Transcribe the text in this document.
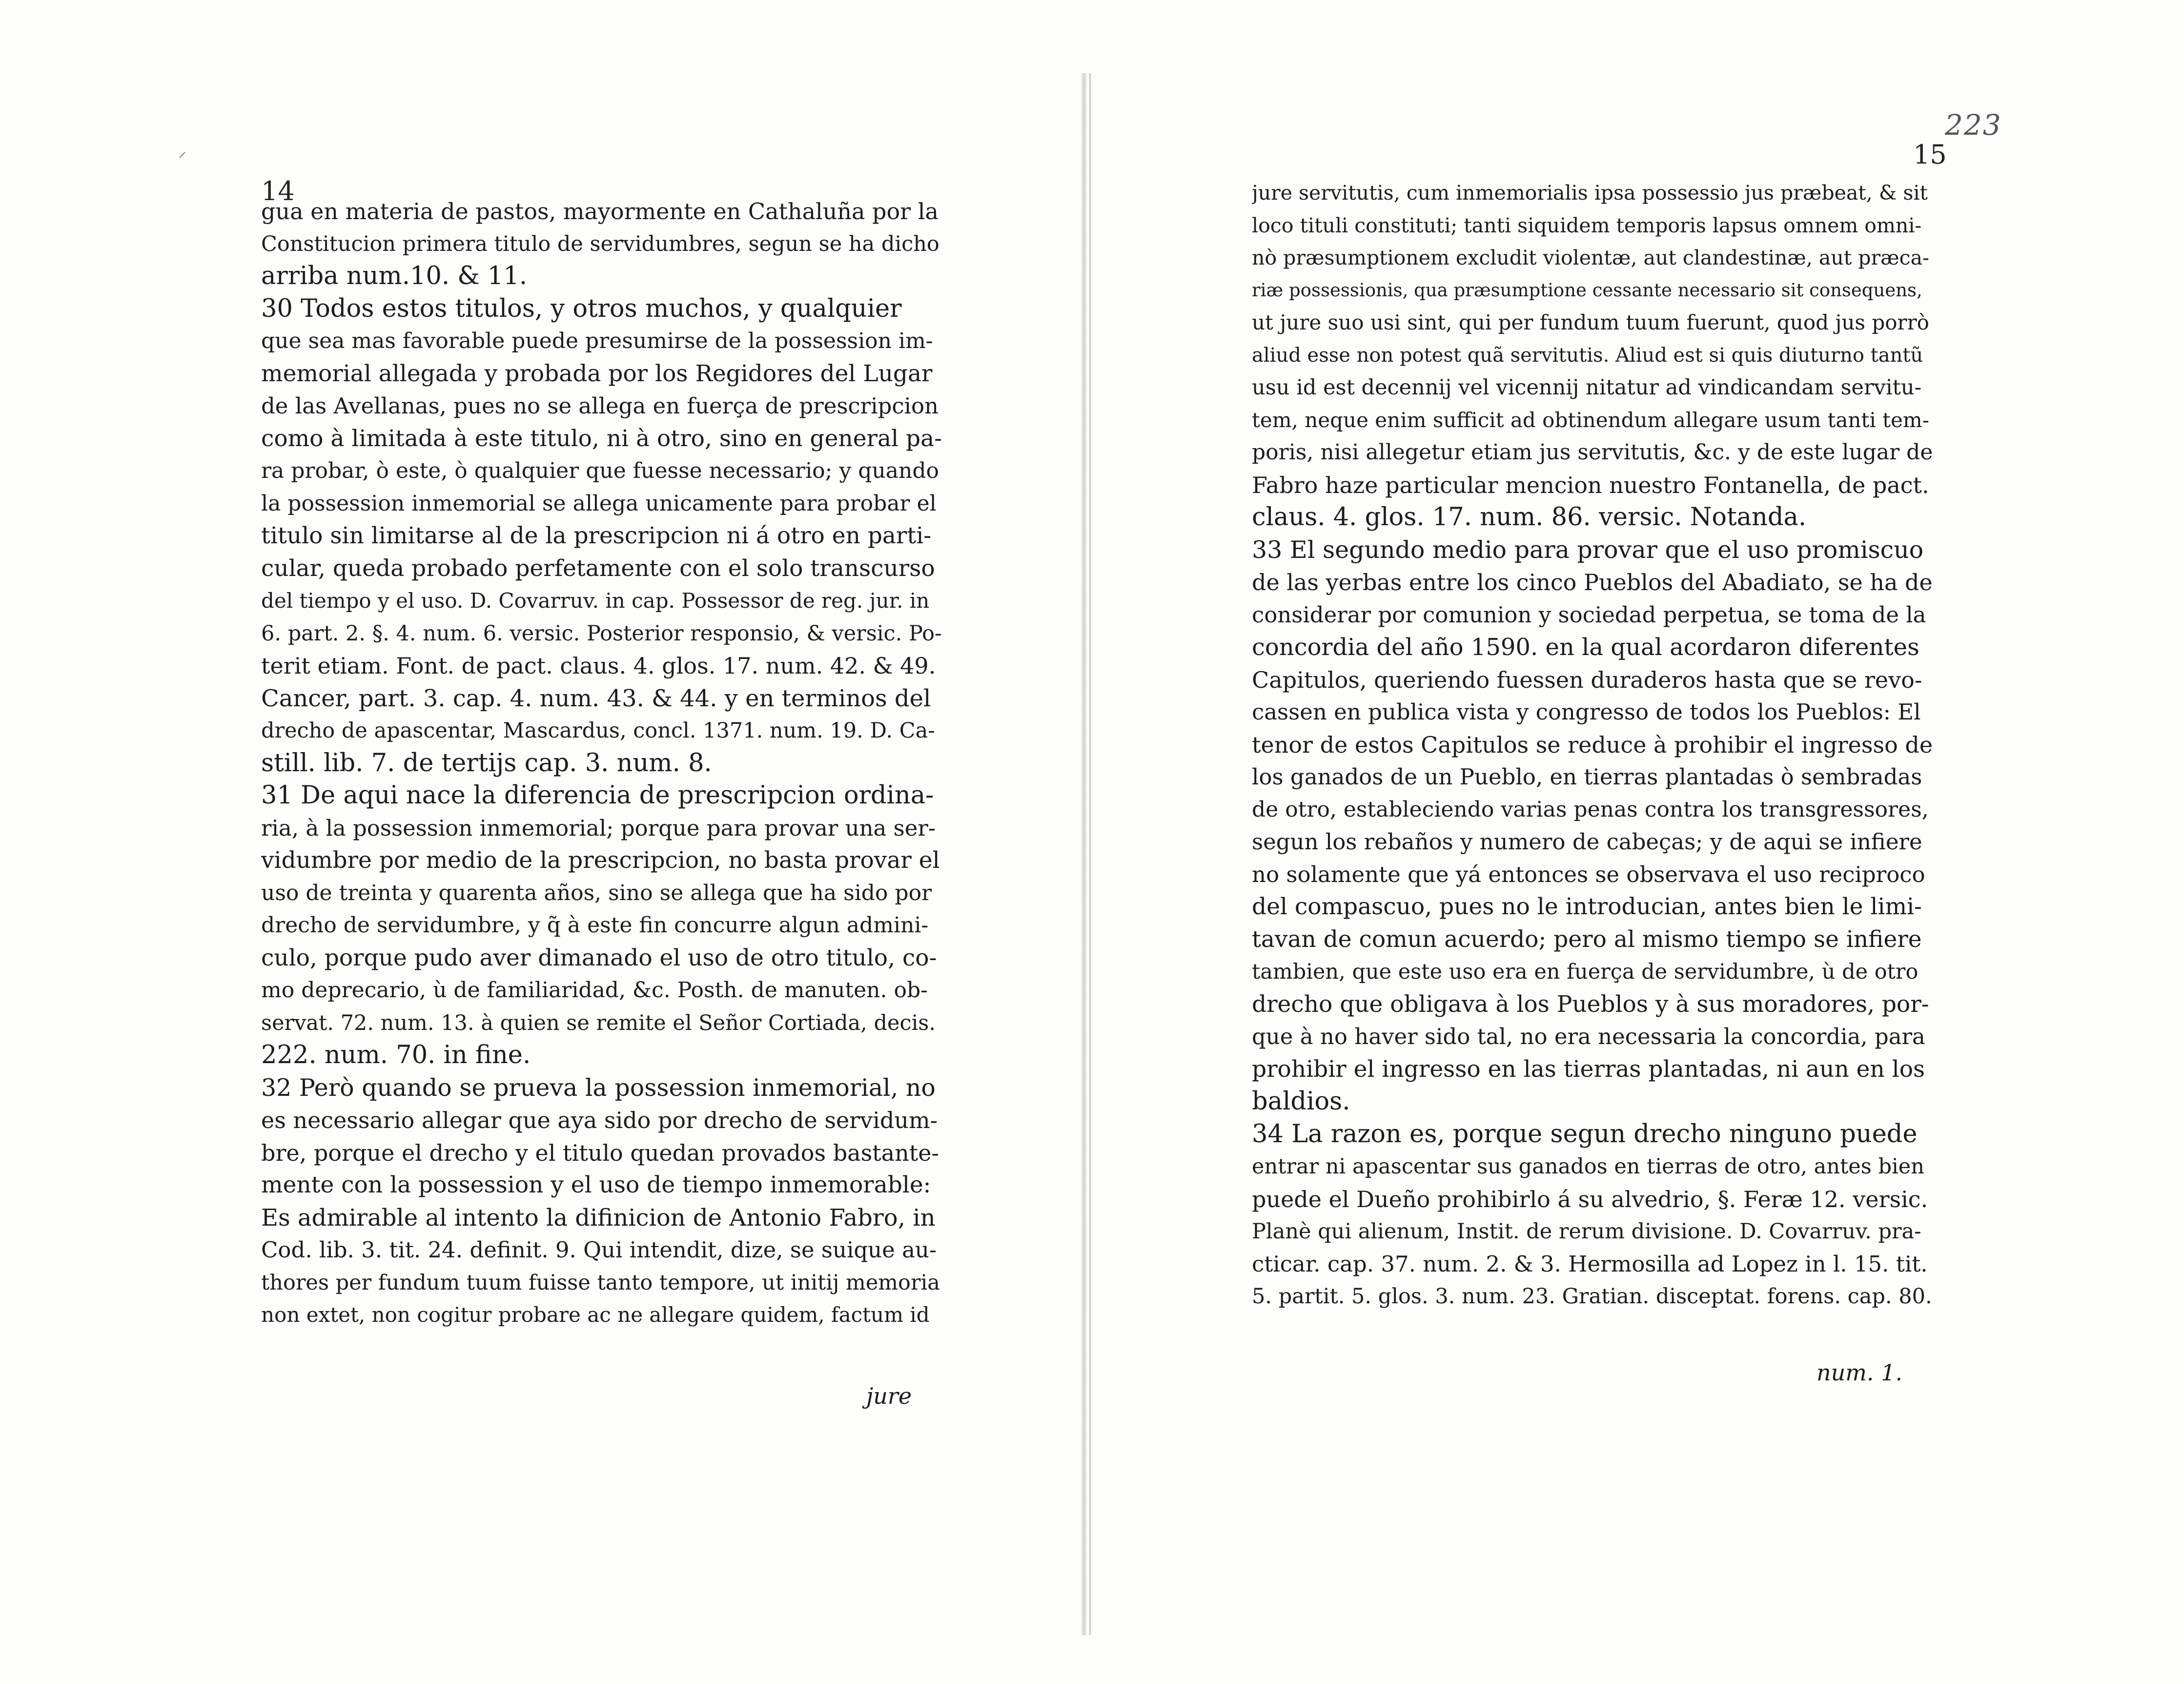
⸝
14
gua en materia de pastos, mayormente en Cathaluña por la
Constitucion primera titulo de servidumbres, segun se ha dicho
arriba num.10. & 11.
30 Todos estos titulos, y otros muchos, y qualquier
que sea mas favorable puede presumirse de la possession im-
memorial allegada y probada por los Regidores del Lugar
de las Avellanas, pues no se allega en fuerça de prescripcion
como à limitada à este titulo, ni à otro, sino en general pa-
ra probar, ò este, ò qualquier que fuesse necessario; y quando
la possession inmemorial se allega unicamente para probar el
titulo sin limitarse al de la prescripcion ni á otro en parti-
cular, queda probado perfetamente con el solo transcurso
del tiempo y el uso. D. Covarruv. in cap. Possessor de reg. jur. in
6. part. 2. §. 4. num. 6. versic. Posterior responsio, & versic. Po-
terit etiam. Font. de pact. claus. 4. glos. 17. num. 42. & 49.
Cancer, part. 3. cap. 4. num. 43. & 44. y en terminos del
drecho de apascentar, Mascardus, concl. 1371. num. 19. D. Ca-
still. lib. 7. de tertijs cap. 3. num. 8.
31 De aqui nace la diferencia de prescripcion ordina-
ria, à la possession inmemorial; porque para provar una ser-
vidumbre por medio de la prescripcion, no basta provar el
uso de treinta y quarenta años, sino se allega que ha sido por
drecho de servidumbre, y q̃ à este fin concurre algun admini-
culo, porque pudo aver dimanado el uso de otro titulo, co-
mo deprecario, ù de familiaridad, &c. Posth. de manuten. ob-
servat. 72. num. 13. à quien se remite el Señor Cortiada, decis.
222. num. 70. in fine.
32 Però quando se prueva la possession inmemorial, no
es necessario allegar que aya sido por drecho de servidum-
bre, porque el drecho y el titulo quedan provados bastante-
mente con la possession y el uso de tiempo inmemorable:
Es admirable al intento la difinicion de Antonio Fabro, in
Cod. lib. 3. tit. 24. definit. 9. Qui intendit, dize, se suique au-
thores per fundum tuum fuisse tanto tempore, ut initij memoria
non extet, non cogitur probare ac ne allegare quidem, factum id
jure
223
15
jure servitutis, cum inmemorialis ipsa possessio jus præbeat, & sit
loco tituli constituti; tanti siquidem temporis lapsus omnem omni-
nò præsumptionem excludit violentæ, aut clandestinæ, aut præca-
riæ possessionis, qua præsumptione cessante necessario sit consequens,
ut jure suo usi sint, qui per fundum tuum fuerunt, quod jus porrò
aliud esse non potest quã servitutis. Aliud est si quis diuturno tantũ
usu id est decennij vel vicennij nitatur ad vindicandam servitu-
tem, neque enim sufficit ad obtinendum allegare usum tanti tem-
poris, nisi allegetur etiam jus servitutis, &c. y de este lugar de
Fabro haze particular mencion nuestro Fontanella, de pact.
claus. 4. glos. 17. num. 86. versic. Notanda.
33 El segundo medio para provar que el uso promiscuo
de las yerbas entre los cinco Pueblos del Abadiato, se ha de
considerar por comunion y sociedad perpetua, se toma de la
concordia del año 1590. en la qual acordaron diferentes
Capitulos, queriendo fuessen duraderos hasta que se revo-
cassen en publica vista y congresso de todos los Pueblos: El
tenor de estos Capitulos se reduce à prohibir el ingresso de
los ganados de un Pueblo, en tierras plantadas ò sembradas
de otro, estableciendo varias penas contra los transgressores,
segun los rebaños y numero de cabeças; y de aqui se infiere
no solamente que yá entonces se observava el uso reciproco
del compascuo, pues no le introducian, antes bien le limi-
tavan de comun acuerdo; pero al mismo tiempo se infiere
tambien, que este uso era en fuerça de servidumbre, ù de otro
drecho que obligava à los Pueblos y à sus moradores, por-
que à no haver sido tal, no era necessaria la concordia, para
prohibir el ingresso en las tierras plantadas, ni aun en los
baldios.
34 La razon es, porque segun drecho ninguno puede
entrar ni apascentar sus ganados en tierras de otro, antes bien
puede el Dueño prohibirlo á su alvedrio, §. Feræ 12. versic.
Planè qui alienum, Instit. de rerum divisione. D. Covarruv. pra-
cticar. cap. 37. num. 2. & 3. Hermosilla ad Lopez in l. 15. tit.
5. partit. 5. glos. 3. num. 23. Gratian. disceptat. forens. cap. 80.
num. 1.
